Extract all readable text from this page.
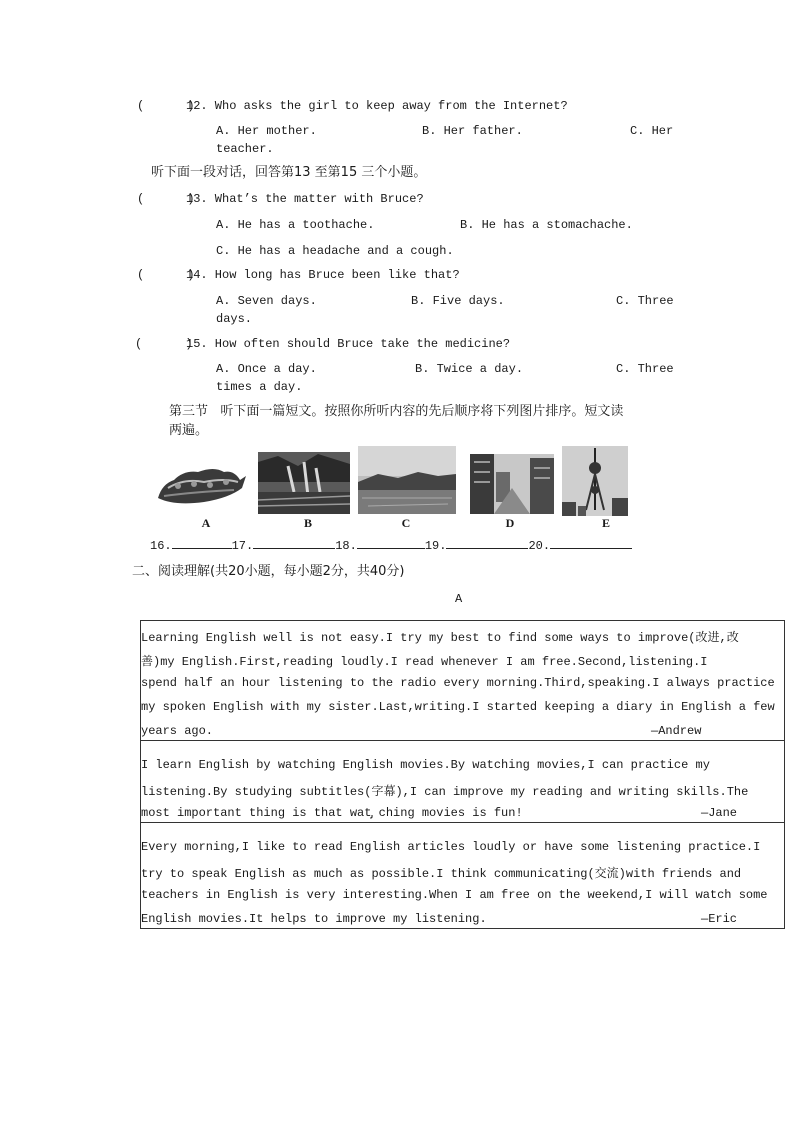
(      )
12. Who asks the girl to keep away from the Internet?
A. Her mother.	B. Her father.	C. Her
teacher.
听下面一段对话，回答第13 至第15 三个小题。
(      )
13. What’s the matter with Bruce?
A. He has a toothache.	B. He has a stomachache.
C. He has a headache and a cough.
(      )
14. How long has Bruce been like that?
A. Seven days.	B. Five days.	C. Three
days.
(      )
15. How often should Bruce take the medicine?
A. Once a day.	B. Twice a day.	C. Three
times a day.
第三节   听下面一篇短文。按照你所听内容的先后顺序将下列图片排序。短文读
两遍。
A	B	C	D	E
16.	17.	18.	19.	20.
二、阅读理解(共20小题，每小题2分，共40分)
A
Learning English well is not easy.I try my best to find some ways to improve(改进,改
善)my English.First,reading loudly.I read whenever I am free.Second,listening.I
spend half an hour listening to the radio every morning.Third,speaking.I always practice
my spoken English with my sister.Last,writing.I started keeping a diary in English a few
years ago.	—Andrew
I learn English by watching English movies.By watching movies,I can practice my
listening.By studying subtitles(字幕),I can improve my reading and writing skills.The
most important thing is that wat̡ ching movies is fun!	—Jane
Every morning,I like to read English articles loudly or have some listening practice.I
try to speak English as much as possible.I think communicating(交流)with friends and
teachers in English is very interesting.When I am free on the weekend,I will watch some
English movies.It helps to improve my listening.	—Eric
